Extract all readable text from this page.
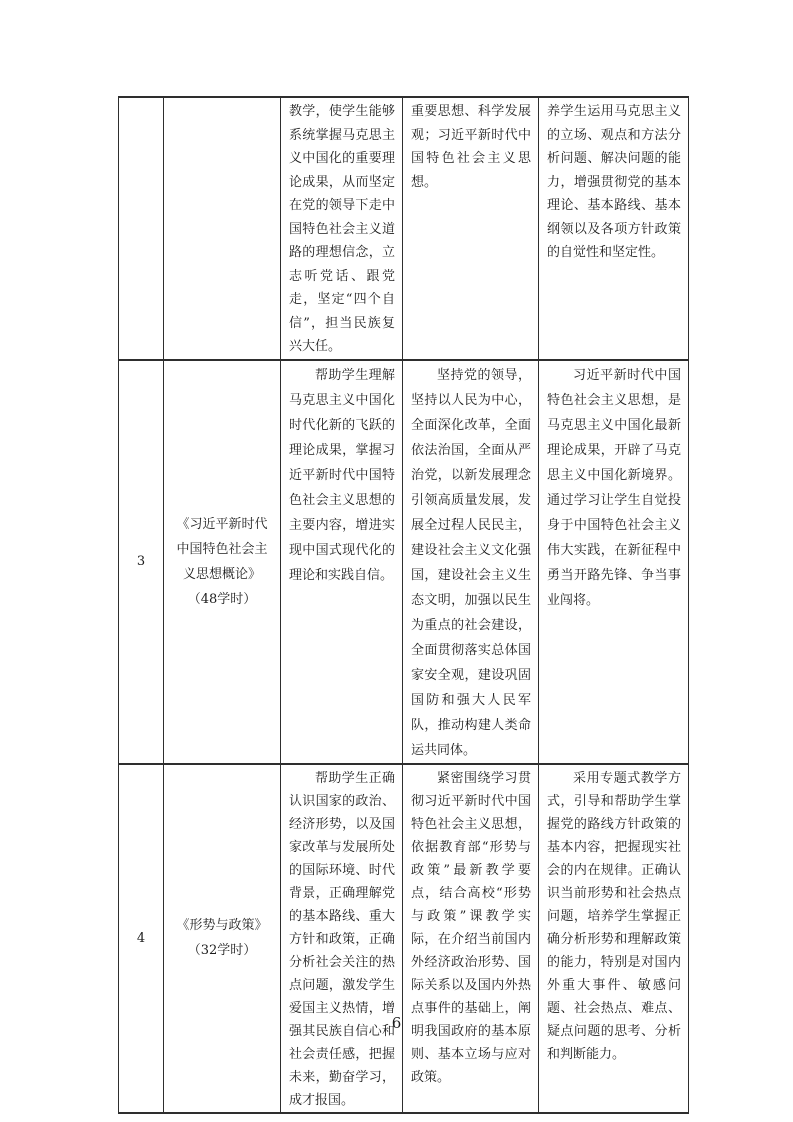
		教学，使学生能够系统掌握马克思主义中国化的重要理论成果，从而坚定在党的领导下走中国特色社会主义道路的理想信念，立志听党话、跟党走，坚定“四个自信”，担当民族复兴大任。	重要思想、科学发展观；习近平新时代中国特色社会主义思想。	养学生运用马克思主义的立场、观点和方法分析问题、解决问题的能力，增强贯彻党的基本理论、基本路线、基本纲领以及各项方针政策的自觉性和坚定性。

3	《习近平新时代中国特色社会主义思想概论》（48学时）	帮助学生理解马克思主义中国化时代化新的飞跃的理论成果，掌握习近平新时代中国特色社会主义思想的主要内容，增进实现中国式现代化的理论和实践自信。	坚持党的领导，坚持以人民为中心，全面深化改革，全面依法治国，全面从严治党，以新发展理念引领高质量发展，发展全过程人民民主，建设社会主义文化强国，建设社会主义生态文明，加强以民生为重点的社会建设，全面贯彻落实总体国家安全观，建设巩固国防和强大人民军队，推动构建人类命运共同体。	习近平新时代中国特色社会主义思想，是马克思主义中国化最新理论成果，开辟了马克思主义中国化新境界。通过学习让学生自觉投身于中国特色社会主义伟大实践，在新征程中勇当开路先锋、争当事业闯将。

4	《形势与政策》（32学时）	帮助学生正确认识国家的政治、经济形势，以及国家改革与发展所处的国际环境、时代背景，正确理解党的基本路线、重大方针和政策，正确分析社会关注的热点问题，激发学生爱国主义热情，增强其民族自信心和社会责任感，把握未来，勤奋学习，成才报国。	紧密围绕学习贯彻习近平新时代中国特色社会主义思想，依据教育部“形势与政策”最新教学要点，结合高校“形势与政策”课教学实际，在介绍当前国内外经济政治形势、国际关系以及国内外热点事件的基础上，阐明我国政府的基本原则、基本立场与应对政策。	采用专题式教学方式，引导和帮助学生掌握党的路线方针政策的基本内容，把握现实社会的内在规律。正确认识当前形势和社会热点问题，培养学生掌握正确分析形势和理解政策的能力，特别是对国内外重大事件、敏感问题、社会热点、难点、疑点问题的思考、分析和判断能力。
6
